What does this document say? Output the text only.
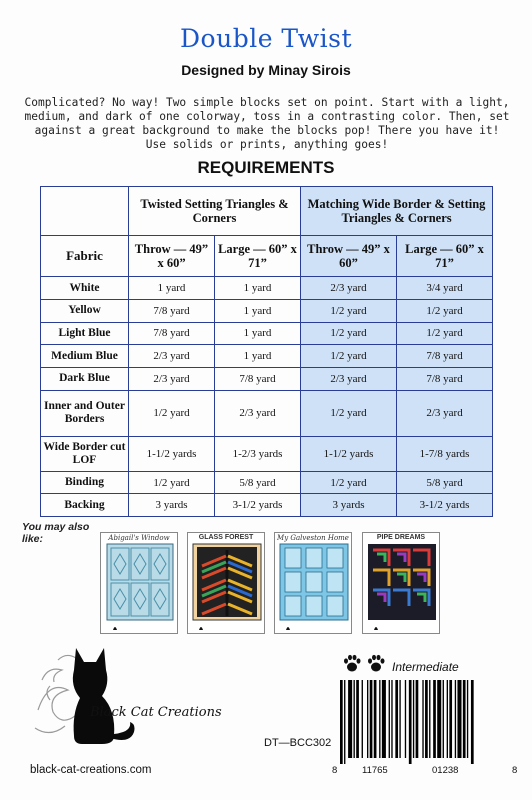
Double Twist
Designed by Minay Sirois
Complicated? No way! Two simple blocks set on point. Start with a light, medium, and dark of one colorway, toss in a contrasting color. Then, set against a great background to make the blocks pop! There you have it! Use solids or prints, anything goes!
REQUIREMENTS
	Twisted Setting Triangles & Corners		Matching Wide Border & Setting Triangles & Corners	
Fabric	Throw — 49” x 60”	Large — 60” x 71”	Throw — 49” x 60”	Large — 60” x 71”
White	1 yard	1 yard	2/3 yard	3/4 yard
Yellow	7/8 yard	1 yard	1/2 yard	1/2 yard
Light Blue	7/8 yard	1 yard	1/2 yard	1/2 yard
Medium Blue	2/3 yard	1 yard	1/2 yard	7/8 yard
Dark Blue	2/3 yard	7/8 yard	2/3 yard	7/8 yard
Inner and Outer Borders	1/2 yard	2/3 yard	1/2 yard	2/3 yard
Wide Border cut LOF	1-1/2 yards	1-2/3 yards	1-1/2 yards	1-7/8 yards
Binding	1/2 yard	5/8 yard	1/2 yard	5/8 yard
Backing	3 yards	3-1/2 yards	3 yards	3-1/2 yards
You may also like:	Abigail's Window	GLASS FOREST	My Galveston Home	PIPE DREAMS
Black Cat Creations
black-cat-creations.com
DT—BCC302
Intermediate
8	11765	01238	8
